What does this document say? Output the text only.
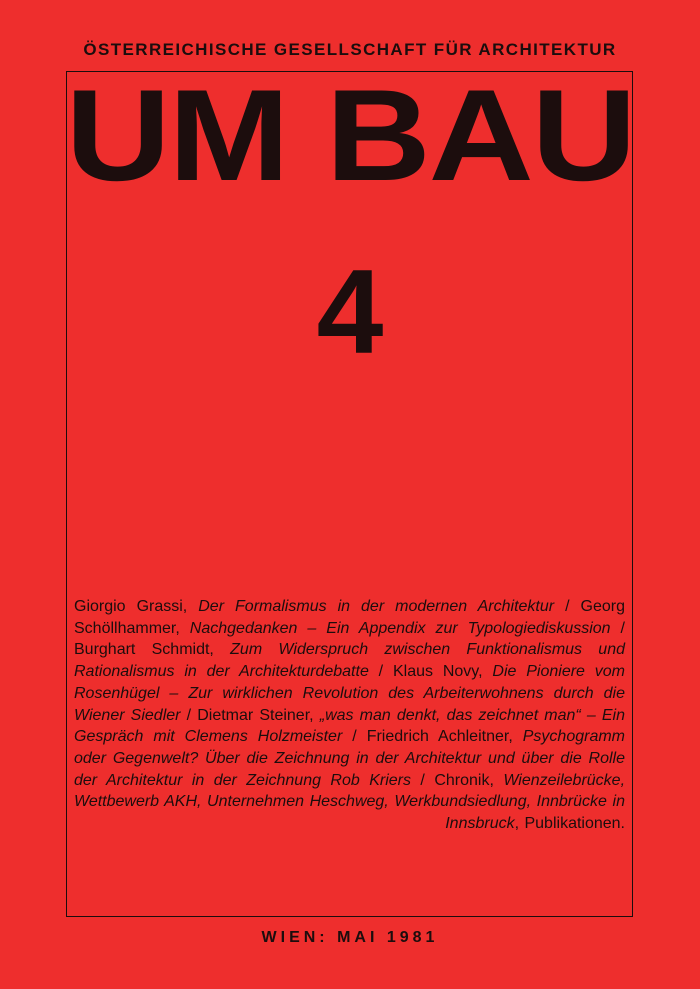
ÖSTERREICHISCHE GESELLSCHAFT FÜR ARCHITEKTUR
UM BAU
4
Giorgio Grassi, Der Formalismus in der modernen Architektur / Georg Schöllhammer, Nachgedanken – Ein Appendix zur Typologiediskussion / Burghart Schmidt, Zum Widerspruch zwischen Funktionalismus und Rationalismus in der Architekturdebatte / Klaus Novy, Die Pioniere vom Rosenhügel – Zur wirklichen Revolution des Arbeiterwohnens durch die Wiener Siedler / Dietmar Steiner, „was man denkt, das zeichnet man“ – Ein Gespräch mit Clemens Holzmeister / Friedrich Achleitner, Psychogramm oder Gegenwelt? Über die Zeichnung in der Architektur und über die Rolle der Architektur in der Zeichnung Rob Kriers / Chronik, Wienzeilebrücke, Wettbewerb AKH, Unternehmen Heschweg, Werkbundsiedlung, Innbrücke in Innsbruck, Publikationen.
WIEN: MAI 1981
